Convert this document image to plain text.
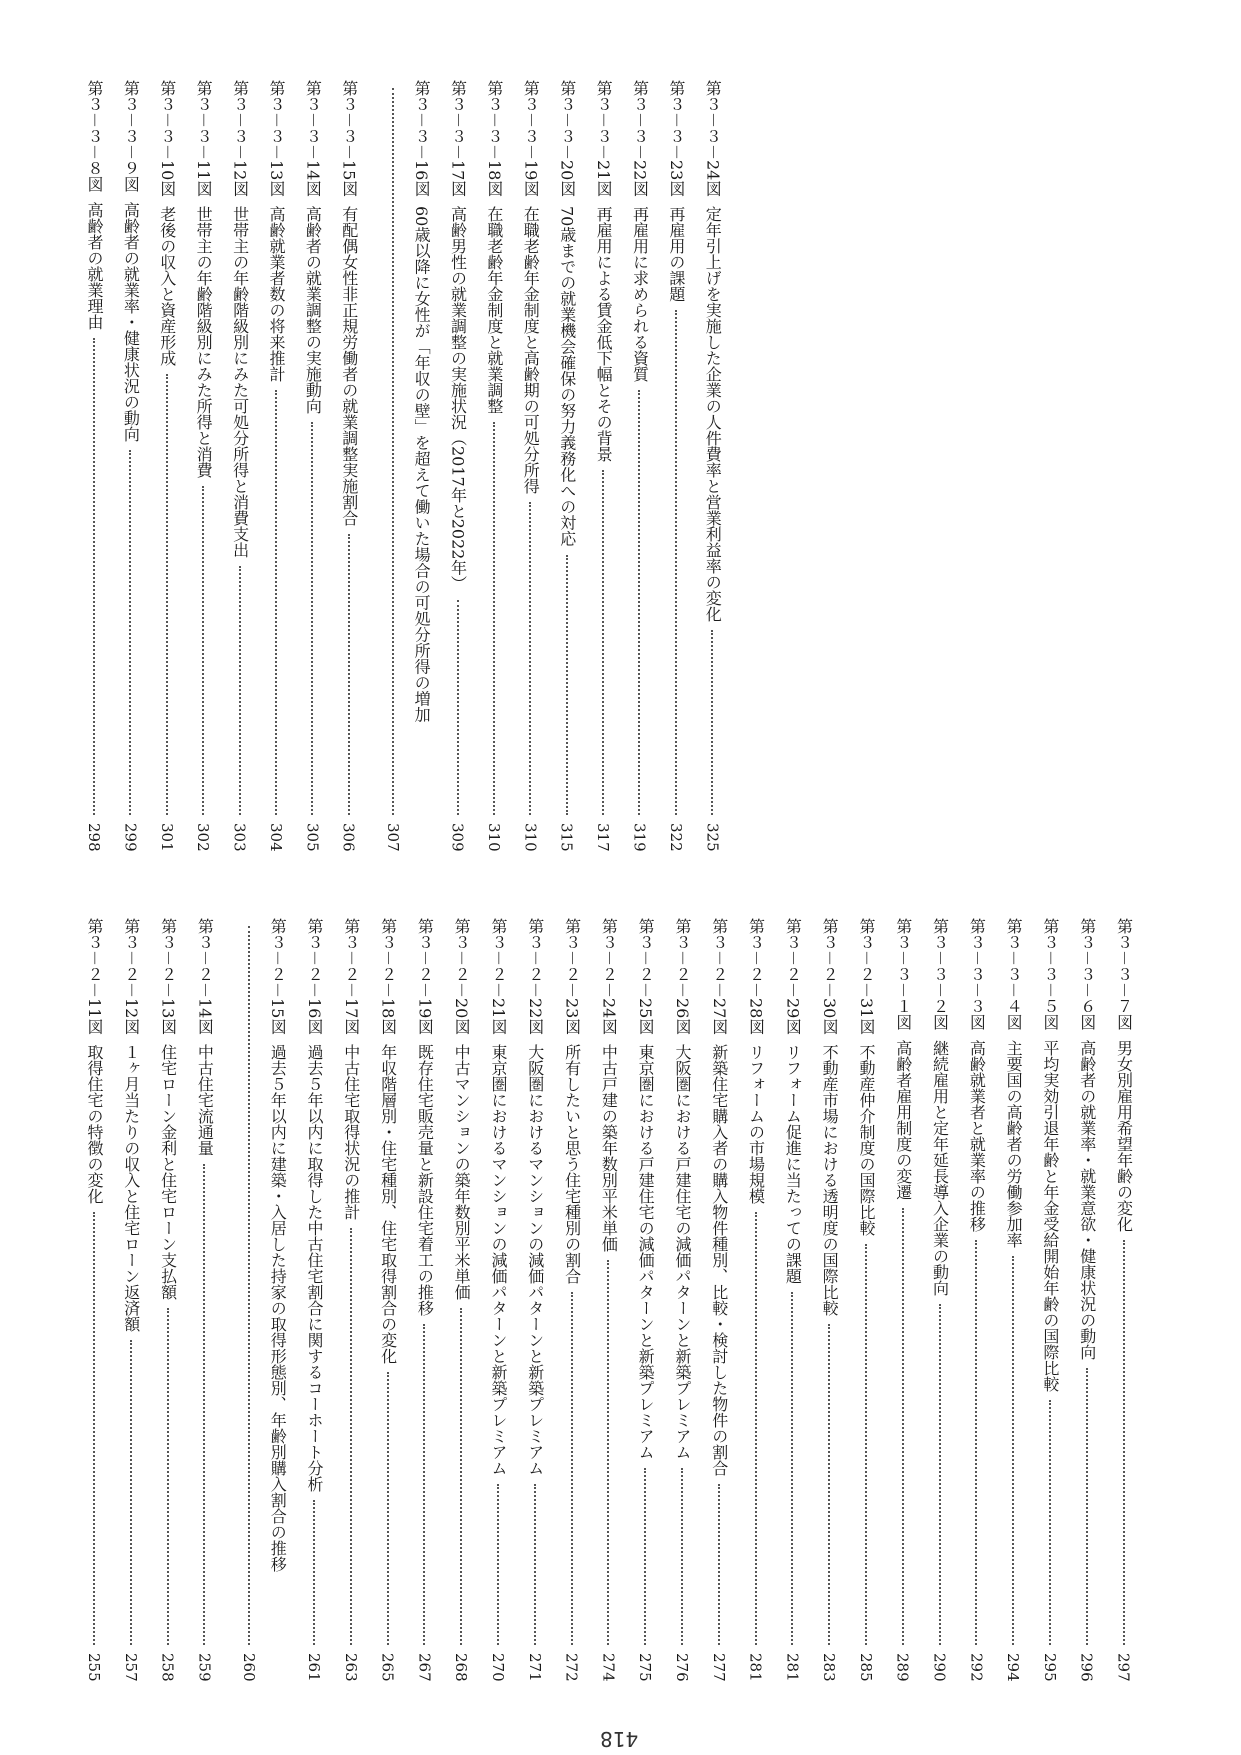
第３－２－11図
取得住宅の特徴の変化
255
第３－２－12図
１ヶ月当たりの収入と住宅ローン返済額
257
第３－２－13図
住宅ローン金利と住宅ローン支払額
258
第３－２－14図
中古住宅流通量
259
第３－２－15図
過去５年以内に建築・入居した持家の取得形態別、年齢別購入割合の推移
260
第３－２－16図
過去５年以内に取得した中古住宅割合に関するコーホート分析
261
第３－２－17図
中古住宅取得状況の推計
263
第３－２－18図
年収階層別・住宅種別、住宅取得割合の変化
265
第３－２－19図
既存住宅販売量と新設住宅着工の推移
267
第３－２－20図
中古マンションの築年数別平米単価
268
第３－２－21図
東京圏におけるマンションの減価パターンと新築プレミアム
270
第３－２－22図
大阪圏におけるマンションの減価パターンと新築プレミアム
271
第３－２－23図
所有したいと思う住宅種別の割合
272
第３－２－24図
中古戸建の築年数別平米単価
274
第３－２－25図
東京圏における戸建住宅の減価パターンと新築プレミアム
275
第３－２－26図
大阪圏における戸建住宅の減価パターンと新築プレミアム
276
第３－２－27図
新築住宅購入者の購入物件種別、比較・検討した物件の割合
277
第３－２－28図
リフォームの市場規模
281
第３－２－29図
リフォーム促進に当たっての課題
281
第３－２－30図
不動産市場における透明度の国際比較
283
第３－２－31図
不動産仲介制度の国際比較
285
第３－３－１図
高齢者雇用制度の変遷
289
第３－３－２図
継続雇用と定年延長導入企業の動向
290
第３－３－３図
高齢就業者と就業率の推移
292
第３－３－４図
主要国の高齢者の労働参加率
294
第３－３－５図
平均実効引退年齢と年金受給開始年齢の国際比較
295
第３－３－６図
高齢者の就業率・就業意欲・健康状況の動向
296
第３－３－７図
男女別雇用希望年齢の変化
297
第３－３－８図
高齢者の就業理由
298
第３－３－９図
高齢者の就業率・健康状況の動向
299
第３－３－10図
老後の収入と資産形成
301
第３－３－11図
世帯主の年齢階級別にみた所得と消費
302
第３－３－12図
世帯主の年齢階級別にみた可処分所得と消費支出
303
第３－３－13図
高齢就業者数の将来推計
304
第３－３－14図
高齢者の就業調整の実施動向
305
第３－３－15図
有配偶女性非正規労働者の就業調整実施割合
306
第３－３－16図
60歳以降に女性が「年収の壁」を超えて働いた場合の可処分所得の増加
307
第３－３－17図
高齢男性の就業調整の実施状況（2017年と2022年）
309
第３－３－18図
在職老齢年金制度と就業調整
310
第３－３－19図
在職老齢年金制度と高齢期の可処分所得
310
第３－３－20図
70歳までの就業機会確保の努力義務化への対応
315
第３－３－21図
再雇用による賃金低下幅とその背景
317
第３－３－22図
再雇用に求められる資質
319
第３－３－23図
再雇用の課題
322
第３－３－24図
定年引上げを実施した企業の人件費率と営業利益率の変化
325
418
